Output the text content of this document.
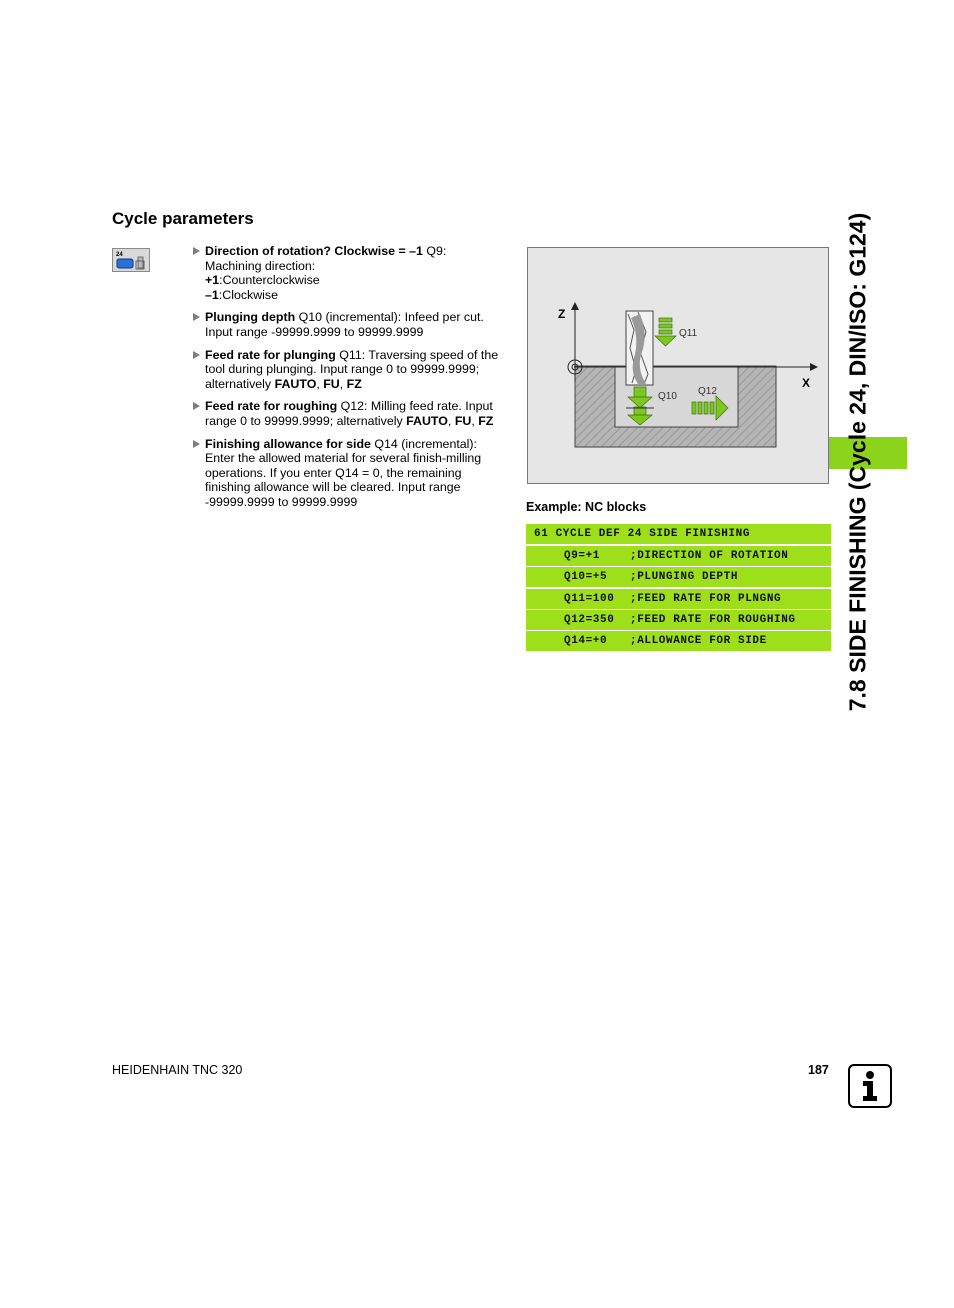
Cycle parameters
24	Direction of rotation? Clockwise = –1 Q9:
Machining direction:
+1:Counterclockwise
–1:Clockwise
Plunging depth Q10 (incremental): Infeed per cut. Input range -99999.9999 to 99999.9999
Feed rate for plunging Q11: Traversing speed of the tool during plunging. Input range 0 to 99999.9999; alternatively FAUTO, FU, FZ
Feed rate for roughing Q12: Milling feed rate. Input range 0 to 99999.9999; alternatively FAUTO, FU, FZ
Finishing allowance for side Q14 (incremental): Enter the allowed material for several finish-milling operations. If you enter Q14 = 0, the remaining finishing allowance will be cleared. Input range -99999.9999 to 99999.9999
Z
X
Q11
Q10 Q12
Example: NC blocks
61 CYCLE DEF 24 SIDE FINISHING
Q9=+1	;DIRECTION OF ROTATION
Q10=+5 ;PLUNGING DEPTH
Q11=100 ;FEED RATE FOR PLNGNG
Q12=350 ;FEED RATE FOR ROUGHING
Q14=+0 ;ALLOWANCE FOR SIDE	7.8 SIDE FINISHING (Cycle 24, DIN/ISO: G124)
HEIDENHAIN TNC 320	187
